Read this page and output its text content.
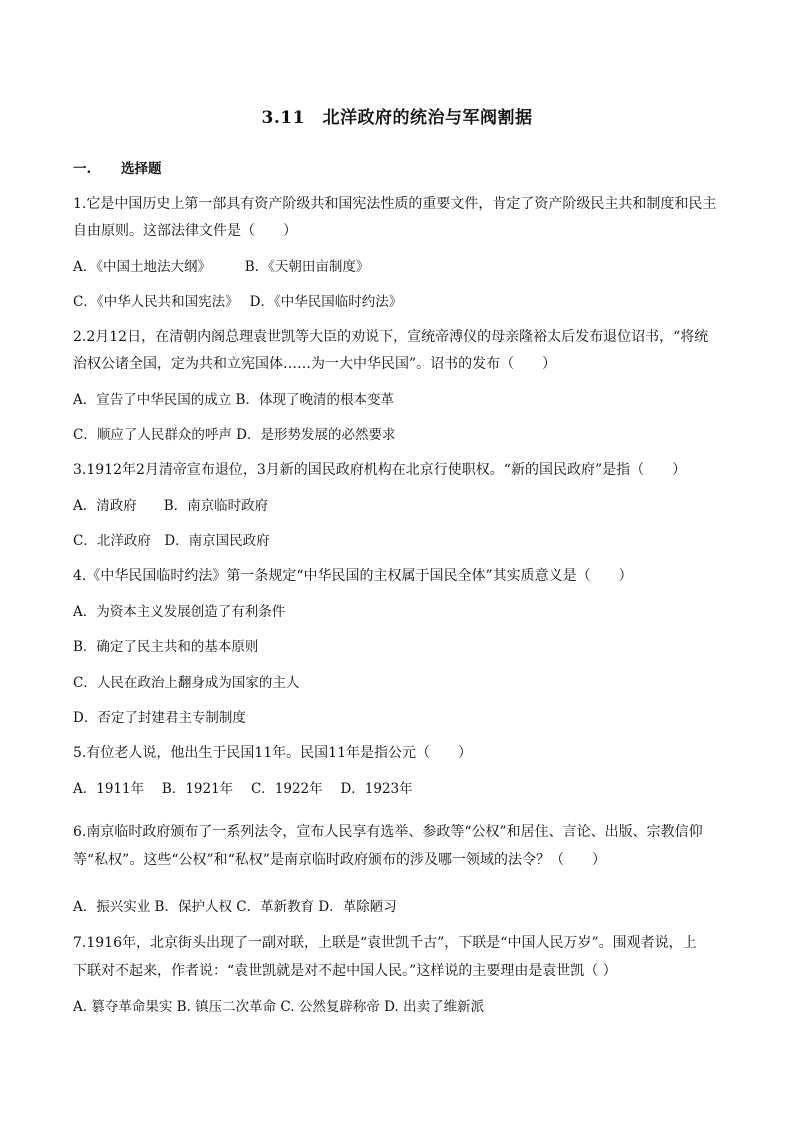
3.11　北洋政府的统治与军阀割据
一. 选择题
1.它是中国历史上第一部具有资产阶级共和国宪法性质的重要文件，肯定了资产阶级民主共和制度和民主
自由原则。这部法律文件是（　　）
A．《中国土地法大纲》　　　B．《天朝田亩制度》
C．《中华人民共和国宪法》　 D．《中华民国临时约法》
2.2月12日，在清朝内阁总理袁世凯等大臣的劝说下，宣统帝溥仪的母亲隆裕太后发布退位诏书，“将统
治权公诸全国，定为共和立宪国体……为一大中华民国”。诏书的发布（　　）
A．宣告了中华民国的成立 B．体现了晚清的根本变革
C．顺应了人民群众的呼声 D．是形势发展的必然要求
3.1912年2月清帝宣布退位，3月新的国民政府机构在北京行使职权。“新的国民政府”是指（　　）
A．清政府　　B．南京临时政府
C．北洋政府　D．南京国民政府
4.《中华民国临时约法》第一条规定“中华民国的主权属于国民全体”其实质意义是（　　）
A．为资本主义发展创造了有利条件
B．确定了民主共和的基本原则
C．人民在政治上翻身成为国家的主人
D．否定了封建君主专制制度
5.有位老人说，他出生于民国11年。民国11年是指公元（　　）
A．1911年　 B．1921年　 C．1922年　 D．1923年
6.南京临时政府颁布了一系列法令，宣布人民享有选举、参政等“公权”和居住、言论、出版、宗教信仰
等“私权”。这些“公权”和“私权”是南京临时政府颁布的涉及哪一领域的法令？（　　）
A．振兴实业 B．保护人权 C．革新教育 D．革除陋习
7.1916年，北京街头出现了一副对联，上联是“袁世凯千古”，下联是“中国人民万岁”。围观者说，上
下联对不起来，作者说：“袁世凯就是对不起中国人民。”这样说的主要理由是袁世凯（ ）
A. 篡夺革命果实 B. 镇压二次革命 C. 公然复辟称帝 D. 出卖了维新派
